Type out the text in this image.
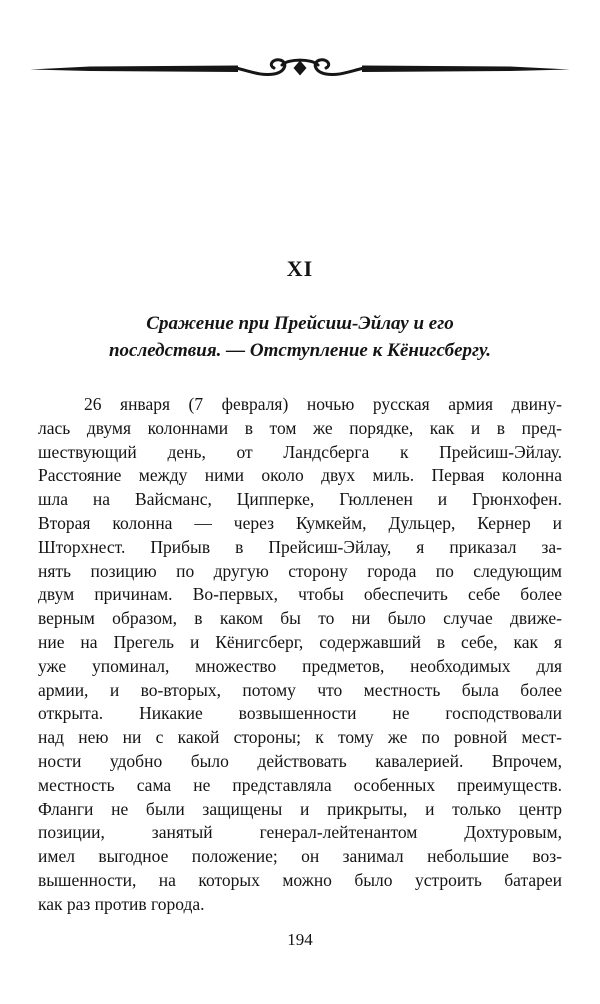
XI
Сражение при Прейсиш-Эйлау и его
последствия. — Отступление к Кёнигсбергу.
26 января (7 февраля) ночью русская армия двину-
лась двумя колоннами в том же порядке, как и в пред-
шествующий день, от Ландсберга к Прейсиш-Эйлау.
Расстояние между ними около двух миль. Первая колонна
шла на Вайсманс, Ципперке, Гюлленен и Грюнхофен.
Вторая колонна — через Кумкейм, Дульцер, Кернер и
Шторхнест. Прибыв в Прейсиш-Эйлау, я приказал за-
нять позицию по другую сторону города по следующим
двум причинам. Во-первых, чтобы обеспечить себе более
верным образом, в каком бы то ни было случае движе-
ние на Прегель и Кёнигсберг, содержавший в себе, как я
уже упоминал, множество предметов, необходимых для
армии, и во-вторых, потому что местность была более
открыта. Никакие возвышенности не господствовали
над нею ни с какой стороны; к тому же по ровной мест-
ности удобно было действовать кавалерией. Впрочем,
местность сама не представляла особенных преимуществ.
Фланги не были защищены и прикрыты, и только центр
позиции, занятый генерал-лейтенантом Дохтуровым,
имел выгодное положение; он занимал небольшие воз-
вышенности, на которых можно было устроить батареи
как раз против города.
194
